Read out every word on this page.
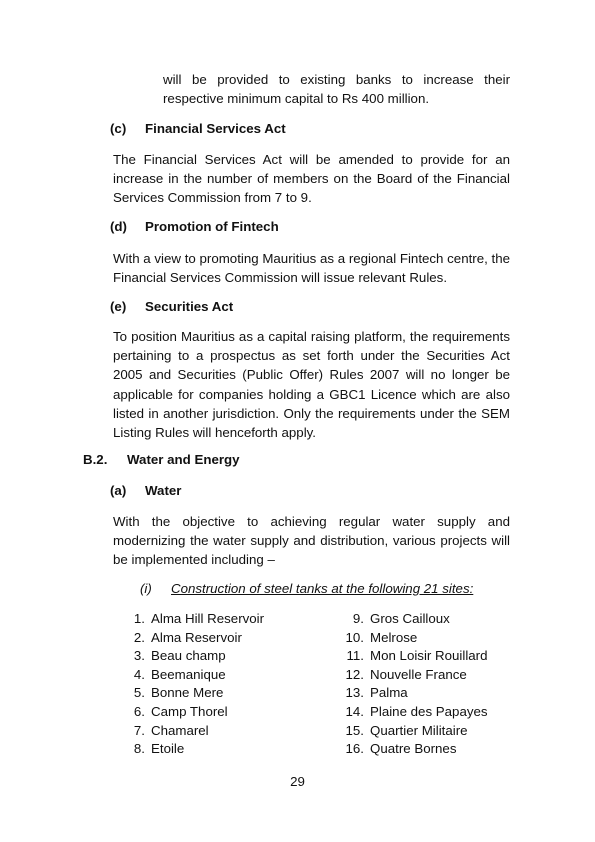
will be provided to existing banks to increase their
respective minimum capital to Rs 400 million.
(c) Financial Services Act
The Financial Services Act will be amended to provide for an increase in the number of members on the Board of the Financial Services Commission from 7 to 9.
(d) Promotion of Fintech
With a view to promoting Mauritius as a regional Fintech centre, the Financial Services Commission will issue relevant Rules.
(e) Securities Act
To position Mauritius as a capital raising platform, the requirements pertaining to a prospectus as set forth under the Securities Act 2005 and Securities (Public Offer) Rules 2007 will no longer be applicable for companies holding a GBC1 Licence which are also listed in another jurisdiction. Only the requirements under the SEM Listing Rules will henceforth apply.
B.2. Water and Energy
(a) Water
With the objective to achieving regular water supply and modernizing the water supply and distribution, various projects will be implemented including –
(i) Construction of steel tanks at the following 21 sites:
1. Alma Hill Reservoir
2. Alma Reservoir
3. Beau champ
4. Beemanique
5. Bonne Mere
6. Camp Thorel
7. Chamarel
8. Etoile
9. Gros Cailloux
10. Melrose
11. Mon Loisir Rouillard
12. Nouvelle France
13. Palma
14. Plaine des Papayes
15. Quartier Militaire
16. Quatre Bornes
29
